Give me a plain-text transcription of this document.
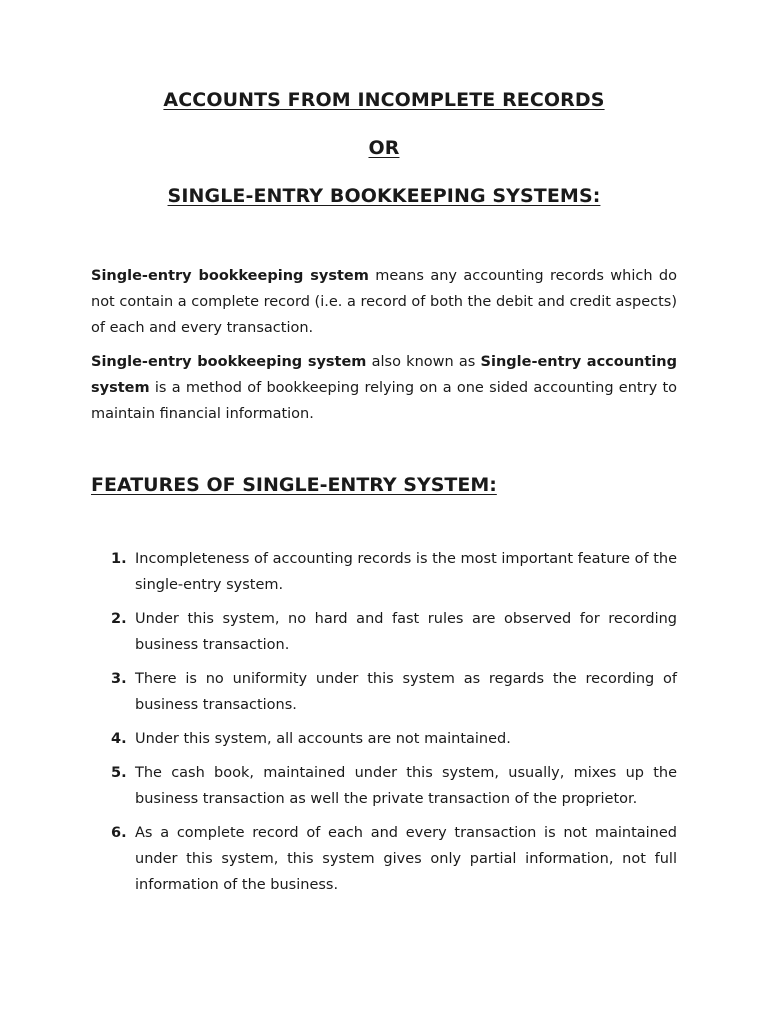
ACCOUNTS FROM INCOMPLETE RECORDS

OR

SINGLE-ENTRY BOOKKEEPING SYSTEMS:

Single-entry bookkeeping system means any accounting records which do not contain a complete record (i.e. a record of both the debit and credit aspects) of each and every transaction.

Single-entry bookkeeping system also known as Single-entry accounting system is a method of bookkeeping relying on a one sided accounting entry to maintain financial information.

FEATURES OF SINGLE-ENTRY SYSTEM:

1. Incompleteness of accounting records is the most important feature of the single-entry system.
2. Under this system, no hard and fast rules are observed for recording business transaction.
3. There is no uniformity under this system as regards the recording of business transactions.
4. Under this system, all accounts are not maintained.
5. The cash book, maintained under this system, usually, mixes up the business transaction as well the private transaction of the proprietor.
6. As a complete record of each and every transaction is not maintained under this system, this system gives only partial information, not full information of the business.
